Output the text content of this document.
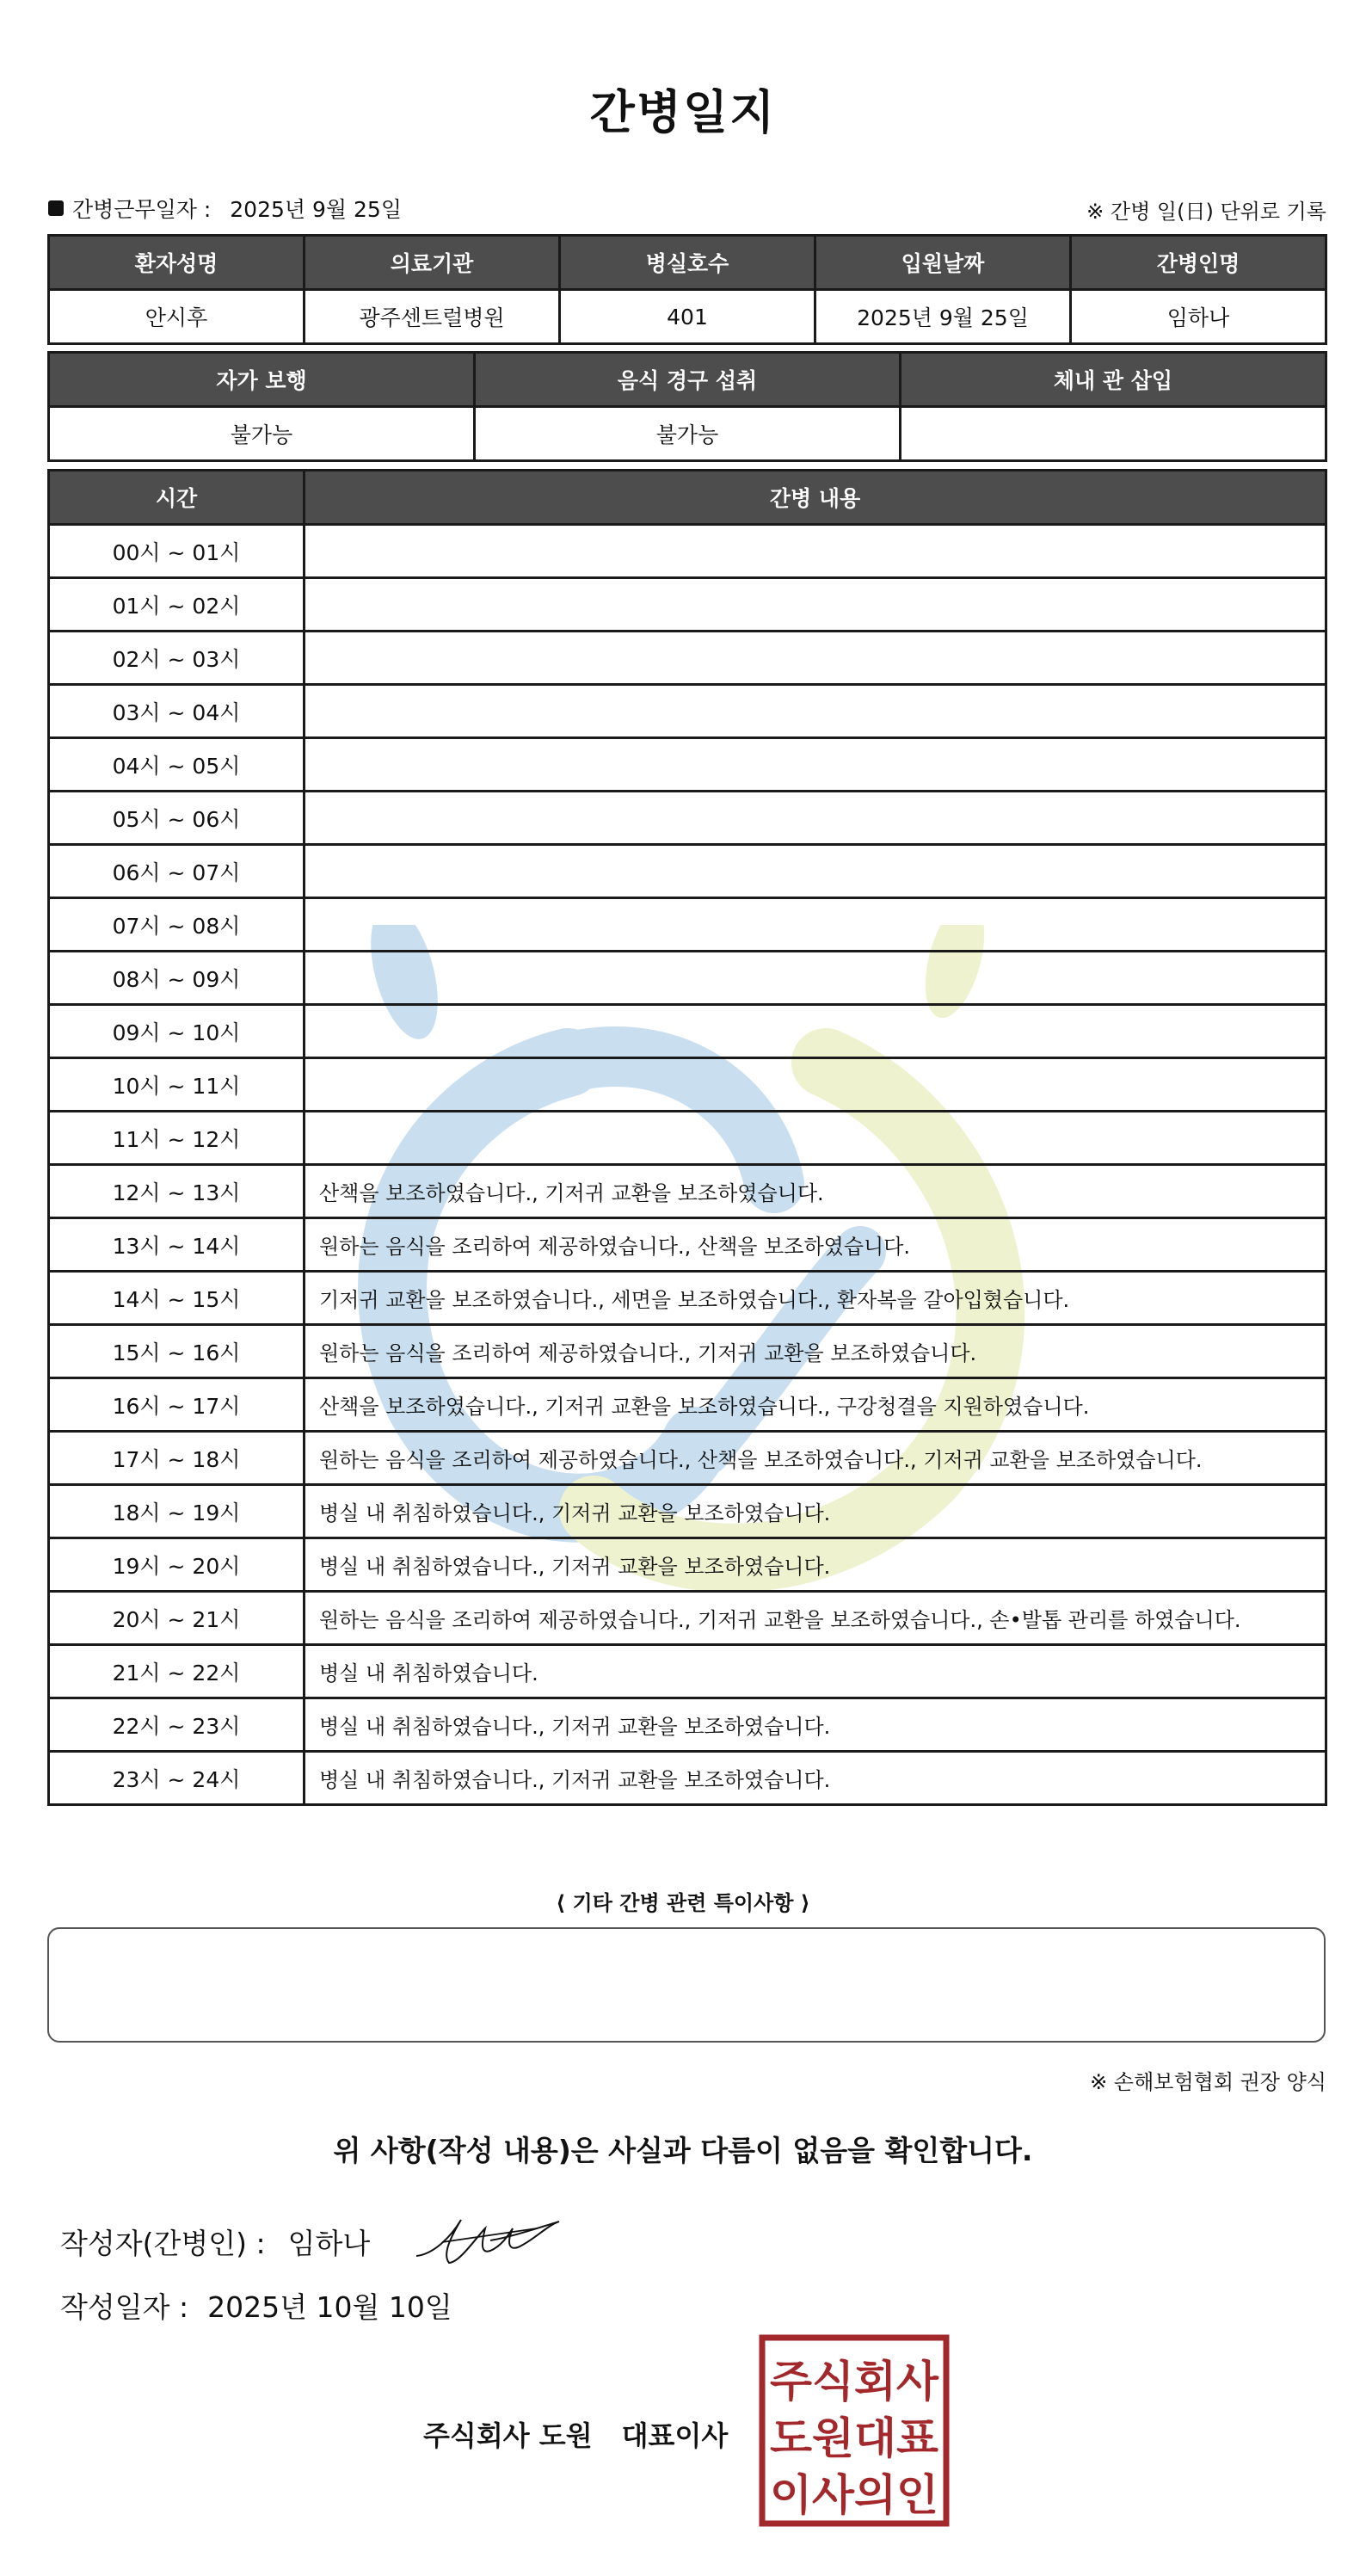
간병일지
간병근무일자 : 2025년 9월 25일	※ 간병 일(日) 단위로 기록
환자성명	의료기관	병실호수	입원날짜	간병인명
안시후	광주센트럴병원	401	2025년 9월 25일	임하나
자가 보행	음식 경구 섭취	체내 관 삽입
불가능	불가능	
시간	간병 내용
00시 ~ 01시	
01시 ~ 02시	
02시 ~ 03시	
03시 ~ 04시	
04시 ~ 05시	
05시 ~ 06시	
06시 ~ 07시	
07시 ~ 08시	
08시 ~ 09시	
09시 ~ 10시	
10시 ~ 11시	
11시 ~ 12시	
12시 ~ 13시	산책을 보조하였습니다., 기저귀 교환을 보조하였습니다.
13시 ~ 14시	원하는 음식을 조리하여 제공하였습니다., 산책을 보조하였습니다.
14시 ~ 15시	기저귀 교환을 보조하였습니다., 세면을 보조하였습니다., 환자복을 갈아입혔습니다.
15시 ~ 16시	원하는 음식을 조리하여 제공하였습니다., 기저귀 교환을 보조하였습니다.
16시 ~ 17시	산책을 보조하였습니다., 기저귀 교환을 보조하였습니다., 구강청결을 지원하였습니다.
17시 ~ 18시	원하는 음식을 조리하여 제공하였습니다., 산책을 보조하였습니다., 기저귀 교환을 보조하였습니다.
18시 ~ 19시	병실 내 취침하였습니다., 기저귀 교환을 보조하였습니다.
19시 ~ 20시	병실 내 취침하였습니다., 기저귀 교환을 보조하였습니다.
20시 ~ 21시	원하는 음식을 조리하여 제공하였습니다., 기저귀 교환을 보조하였습니다., 손•발톱 관리를 하였습니다.
21시 ~ 22시	병실 내 취침하였습니다.
22시 ~ 23시	병실 내 취침하였습니다., 기저귀 교환을 보조하였습니다.
23시 ~ 24시	병실 내 취침하였습니다., 기저귀 교환을 보조하였습니다.
⟨ 기타 간병 관련 특이사항 ⟩
※ 손해보험협회 권장 양식
위 사항(작성 내용)은 사실과 다름이 없음을 확인합니다.
작성자(간병인) : 임하나
작성일자 : 2025년 10월 10일
주식회사 도원 대표이사
주식회사
도원대표
이사의인
